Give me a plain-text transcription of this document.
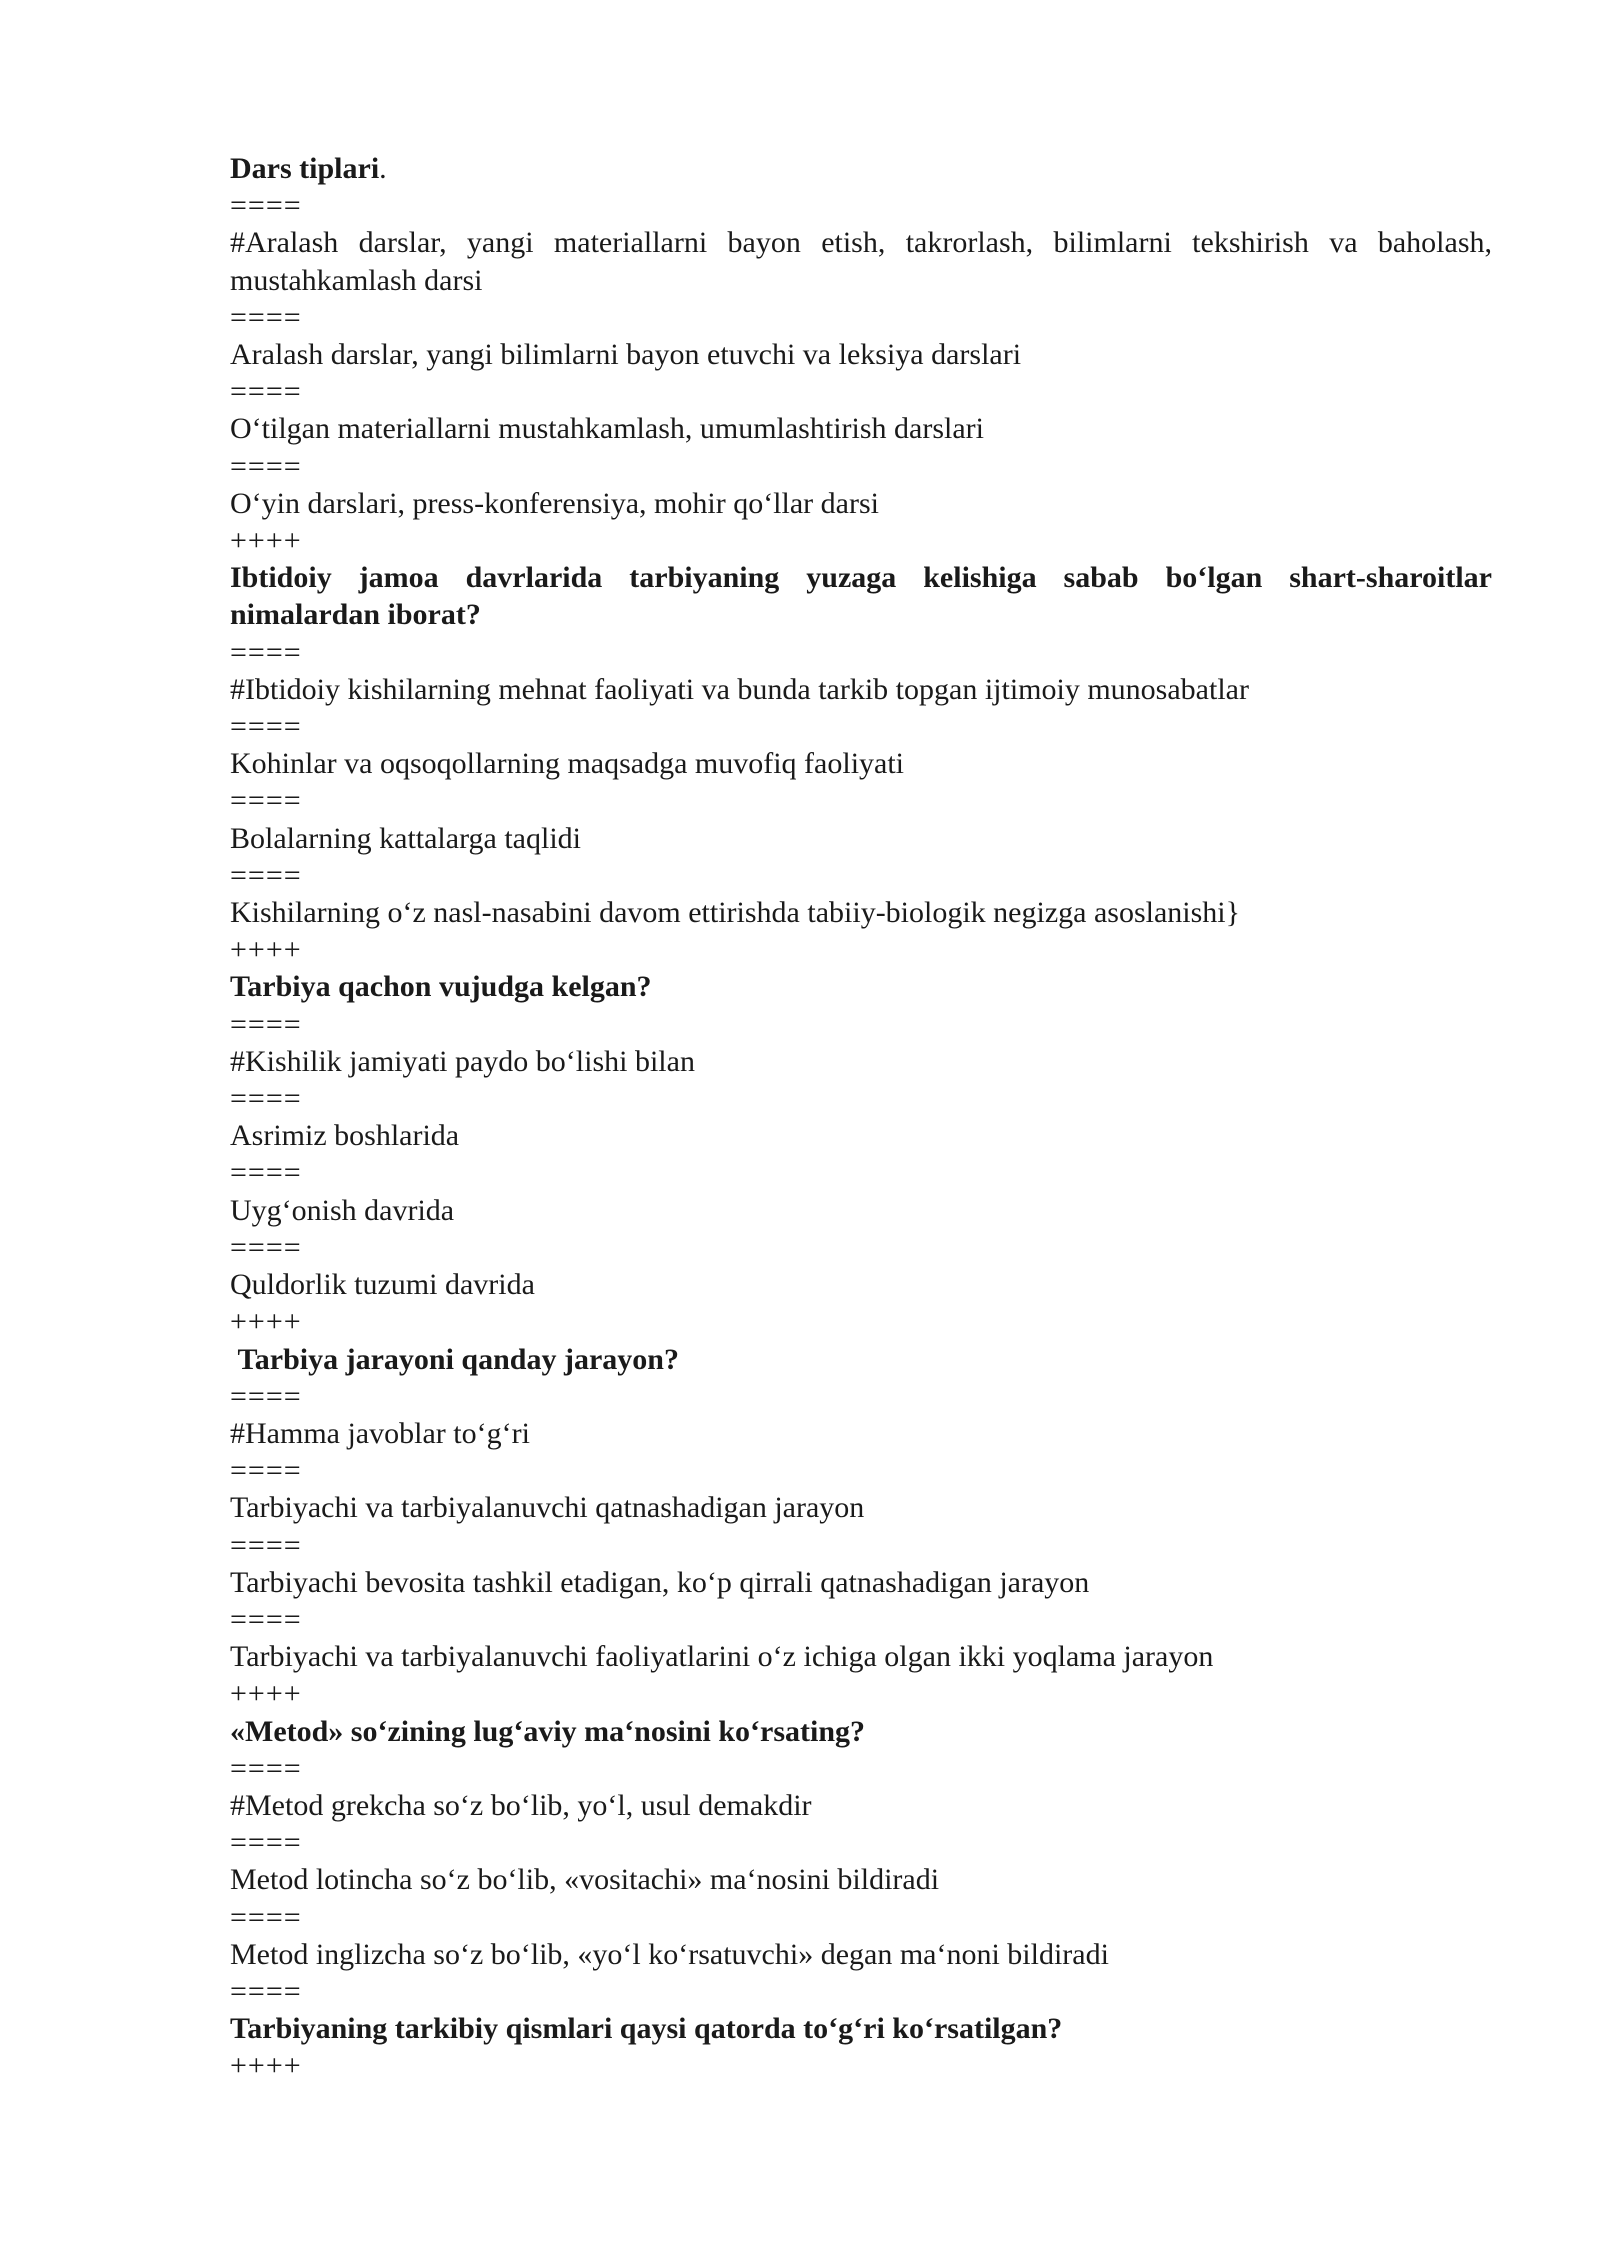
Dars tiplari.
====
#Aralash darslar, yangi materiallarni bayon etish, takrorlash, bilimlarni tekshirish va baholash, mustahkamlash darsi
====
Aralash darslar, yangi bilimlarni bayon etuvchi va leksiya darslari
====
O‘tilgan materiallarni mustahkamlash, umumlashtirish darslari
====
O‘yin darslari, press-konferensiya, mohir qo‘llar darsi
++++
Ibtidoiy jamoa davrlarida tarbiyaning yuzaga kelishiga sabab bo‘lgan shart-sharoitlar nimalardan iborat?
====
#Ibtidoiy kishilarning mehnat faoliyati va bunda tarkib topgan ijtimoiy munosabatlar
====
Kohinlar va oqsoqollarning maqsadga muvofiq faoliyati
====
Bolalarning kattalarga taqlidi
====
Kishilarning o‘z nasl-nasabini davom ettirishda tabiiy-biologik negizga asoslanishi}
++++
Tarbiya qachon vujudga kelgan?
====
#Kishilik jamiyati paydo bo‘lishi bilan
====
Asrimiz boshlarida
====
Uyg‘onish davrida
====
Quldorlik tuzumi davrida
++++
Tarbiya jarayoni qanday jarayon?
====
#Hamma javoblar to‘g‘ri
====
Tarbiyachi va tarbiyalanuvchi qatnashadigan jarayon
====
Tarbiyachi bevosita tashkil etadigan, ko‘p qirrali qatnashadigan jarayon
====
Tarbiyachi va tarbiyalanuvchi faoliyatlarini o‘z ichiga olgan ikki yoqlama jarayon
++++
«Metod» so‘zining lug‘aviy ma‘nosini ko‘rsating?
====
#Metod grekcha so‘z bo‘lib, yo‘l, usul demakdir
====
Metod lotincha so‘z bo‘lib, «vositachi» ma‘nosini bildiradi
====
Metod inglizcha so‘z bo‘lib, «yo‘l ko‘rsatuvchi» degan ma‘noni bildiradi
====
Tarbiyaning tarkibiy qismlari qaysi qatorda to‘g‘ri ko‘rsatilgan?
++++
